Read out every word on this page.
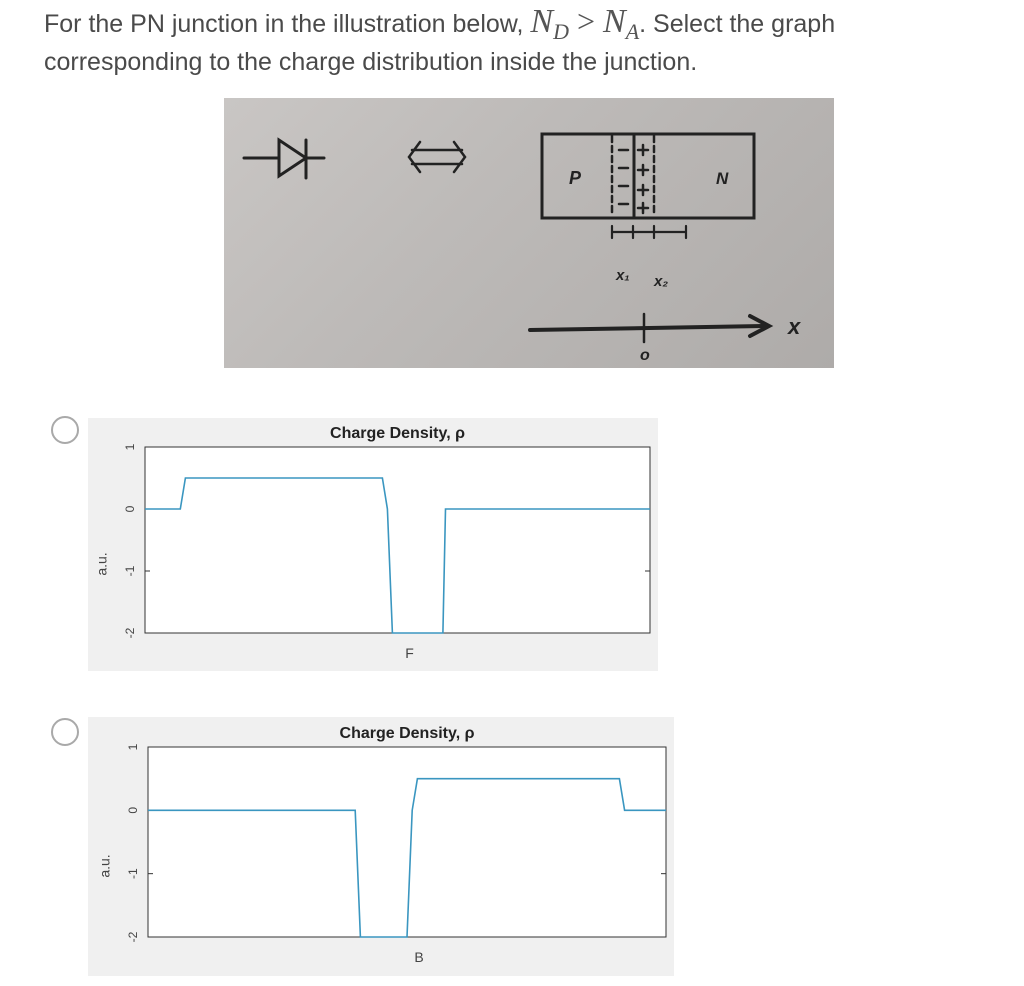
For the PN junction in the illustration below, $N_D > N_A$. Select the graph corresponding to the charge distribution inside the junction.
P	N
x₁ x₂
o
x
Charge Density, ρ
1
0
-1
-2
a.u.
F
Charge Density, ρ
1
0
-1
-2
a.u.
B
